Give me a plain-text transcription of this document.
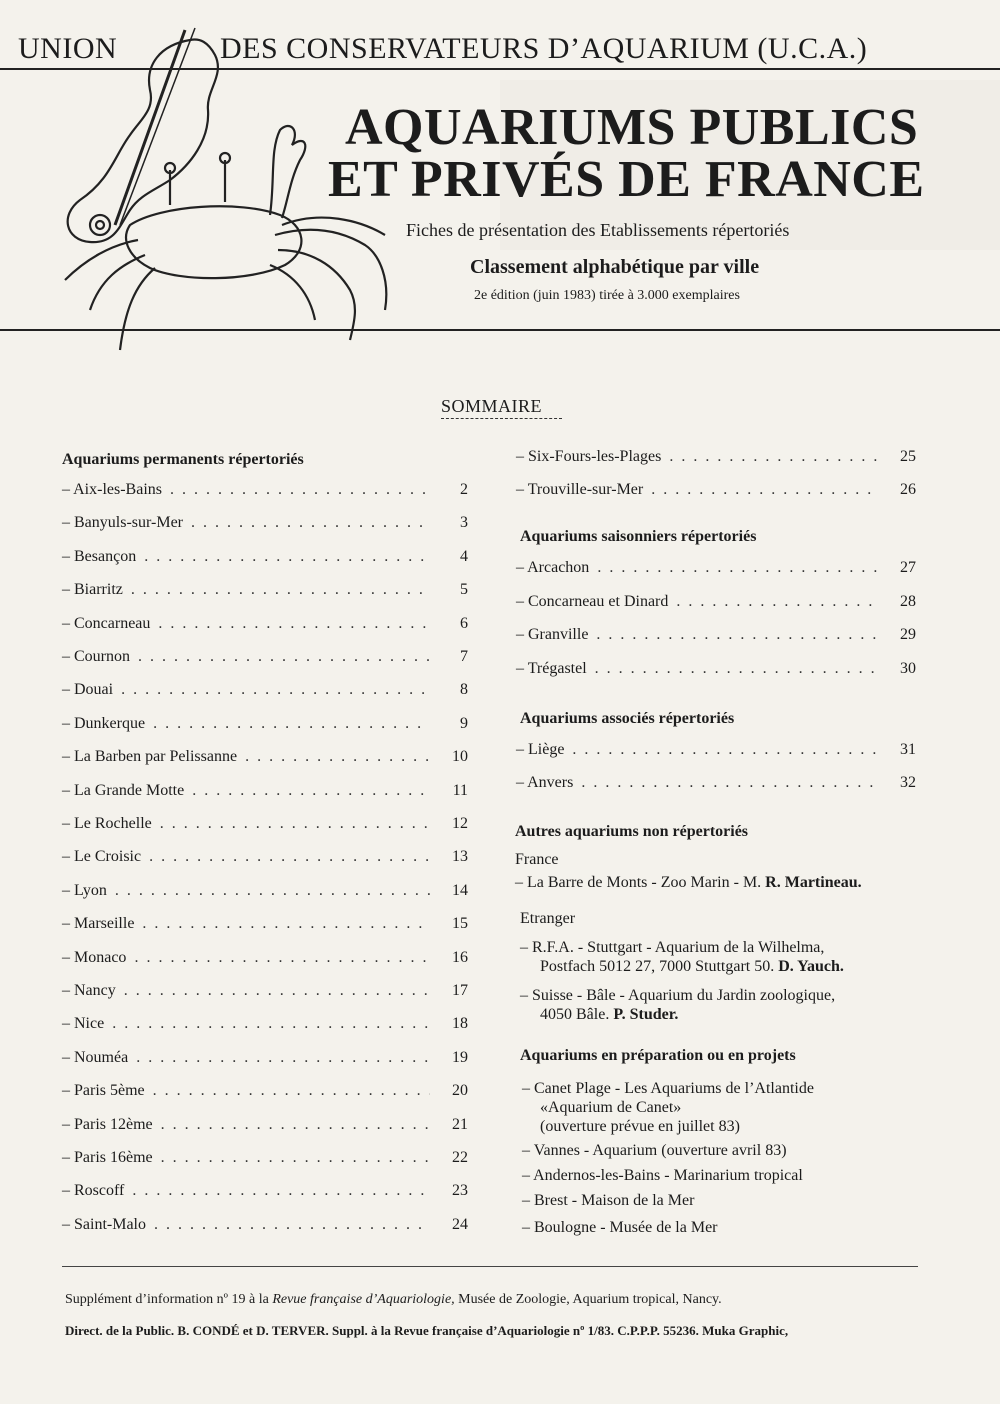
UNION	DES CONSERVATEURS D’AQUARIUM (U.C.A.)
AQUARIUMS PUBLICS
ET PRIVÉS DE FRANCE
Fiches de présentation des Etablissements répertoriés
Classement alphabétique par ville
2e édition (juin 1983) tirée à 3.000 exemplaires
SOMMAIRE
Aquariums permanents répertoriés
– Aix-les-Bains . . .	2
– Banyuls-sur-Mer . . .	3
– Besançon . . .	4
– Biarritz . . .	5
– Concarneau . . .	6
– Cournon . . .	7
– Douai . . .	8
– Dunkerque . . .	9
– La Barben par Pelissanne . . .	10
– La Grande Motte . . .	11
– Le Rochelle . . .	12
– Le Croisic . . .	13
– Lyon . . .	14
– Marseille . . .	15
– Monaco . . .	16
– Nancy . . .	17
– Nice . . .	18
– Nouméa . . .	19
– Paris 5ème . . .	20
– Paris 12ème . . .	21
– Paris 16ème . . .	22
– Roscoff . . .	23
– Saint-Malo . . .	24
– Six-Fours-les-Plages . . .	25
– Trouville-sur-Mer . . .	26
Aquariums saisonniers répertoriés
– Arcachon . . .	27
– Concarneau et Dinard . . .	28
– Granville . . .	29
– Trégastel . . .	30
Aquariums associés répertoriés
– Liège . . .	31
– Anvers . . .	32
Autres aquariums non répertoriés
France
– La Barre de Monts - Zoo Marin - M. R. Martineau.
Etranger
– R.F.A. - Stuttgart - Aquarium de la Wilhelma,
Postfach 5012 27, 7000 Stuttgart 50. D. Yauch.
– Suisse - Bâle - Aquarium du Jardin zoologique,
4050 Bâle. P. Studer.
Aquariums en préparation ou en projets
– Canet Plage - Les Aquariums de l’Atlantide
«Aquarium de Canet»
(ouverture prévue en juillet 83)
– Vannes - Aquarium (ouverture avril 83)
– Andernos-les-Bains - Marinarium tropical
– Brest - Maison de la Mer
– Boulogne - Musée de la Mer
Supplément d’information nº 19 à la Revue française d’Aquariologie, Musée de Zoologie, Aquarium tropical, Nancy.
Direct. de la Public. B. CONDÉ et D. TERVER. Suppl. à la Revue française d’Aquariologie nº 1/83. C.P.P.P. 55236. Muka Graphic,
